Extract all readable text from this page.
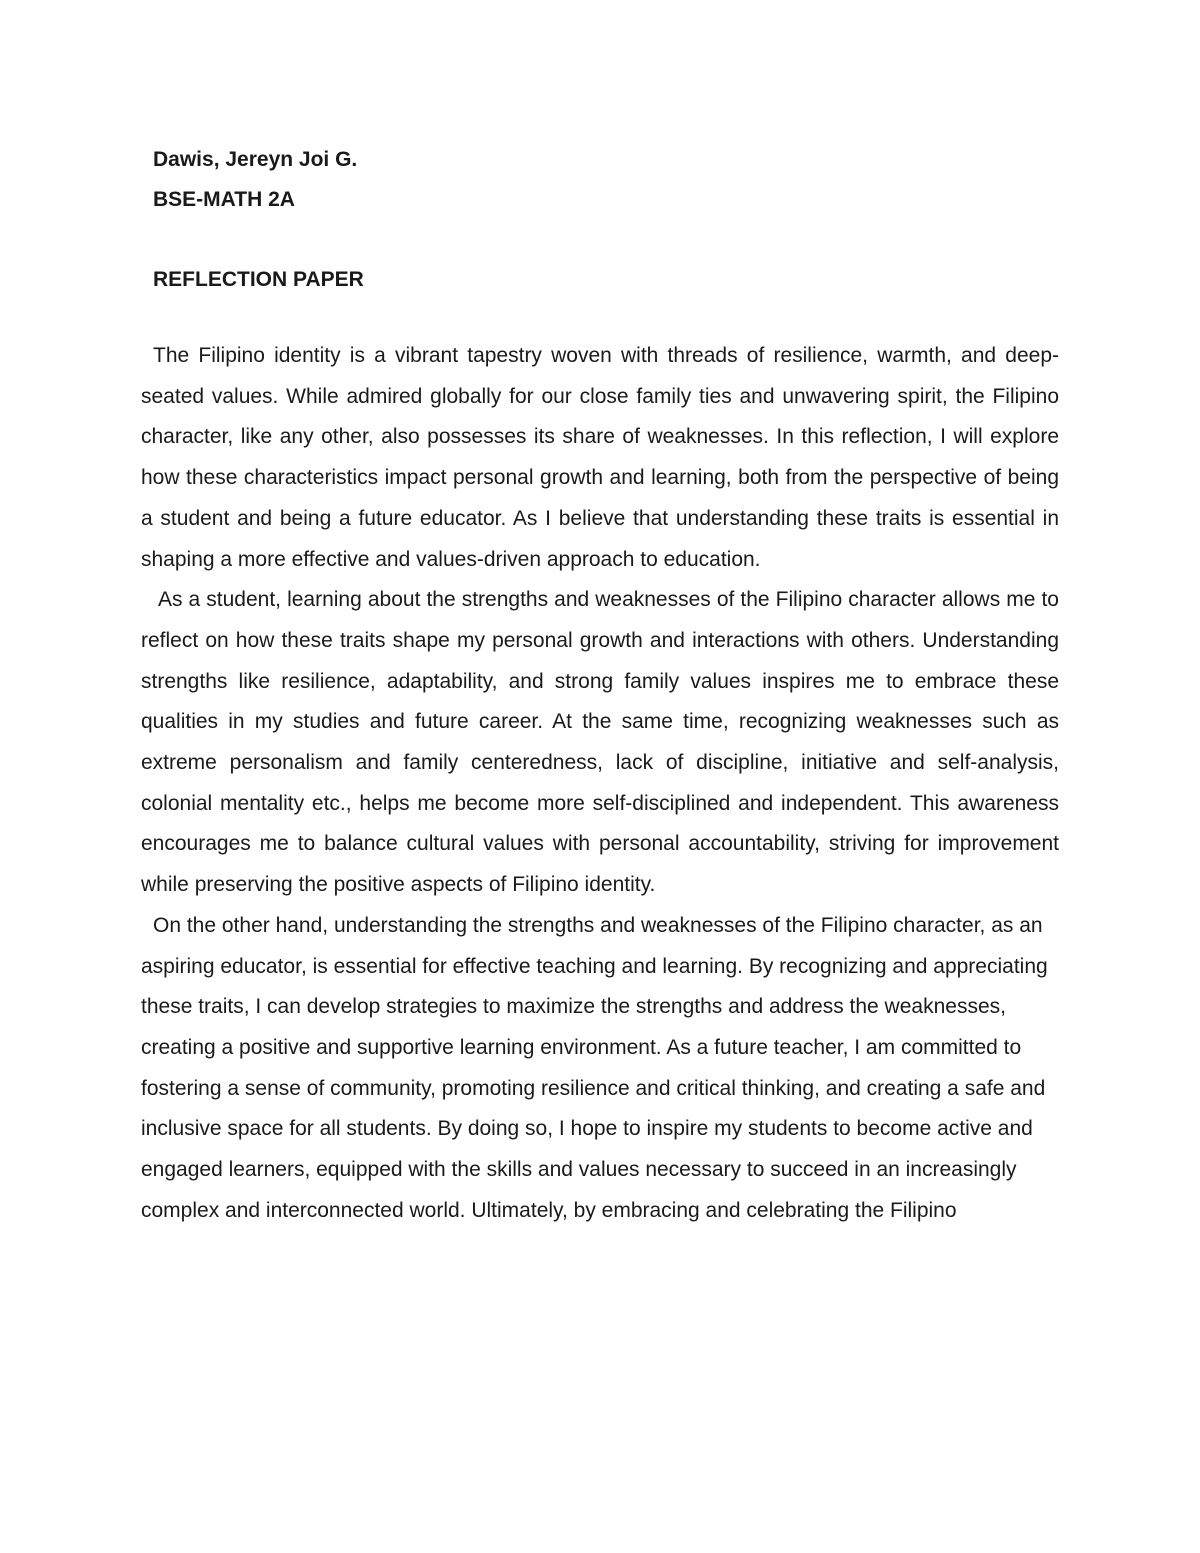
Dawis, Jereyn Joi G.

BSE-MATH 2A

REFLECTION PAPER

The Filipino identity is a vibrant tapestry woven with threads of resilience, warmth, and deep-seated values. While admired globally for our close family ties and unwavering spirit, the Filipino character, like any other, also possesses its share of weaknesses. In this reflection, I will explore how these characteristics impact personal growth and learning, both from the perspective of being a student and being a future educator. As I believe that understanding these traits is essential in shaping a more effective and values-driven approach to education.

As a student, learning about the strengths and weaknesses of the Filipino character allows me to reflect on how these traits shape my personal growth and interactions with others. Understanding strengths like resilience, adaptability, and strong family values inspires me to embrace these qualities in my studies and future career. At the same time, recognizing weaknesses such as extreme personalism and family centeredness, lack of discipline, initiative and self-analysis, colonial mentality etc., helps me become more self-disciplined and independent. This awareness encourages me to balance cultural values with personal accountability, striving for improvement while preserving the positive aspects of Filipino identity.

On the other hand, understanding the strengths and weaknesses of the Filipino character, as an aspiring educator, is essential for effective teaching and learning. By recognizing and appreciating these traits, I can develop strategies to maximize the strengths and address the weaknesses, creating a positive and supportive learning environment. As a future teacher, I am committed to fostering a sense of community, promoting resilience and critical thinking, and creating a safe and inclusive space for all students. By doing so, I hope to inspire my students to become active and engaged learners, equipped with the skills and values necessary to succeed in an increasingly complex and interconnected world. Ultimately, by embracing and celebrating the Filipino
